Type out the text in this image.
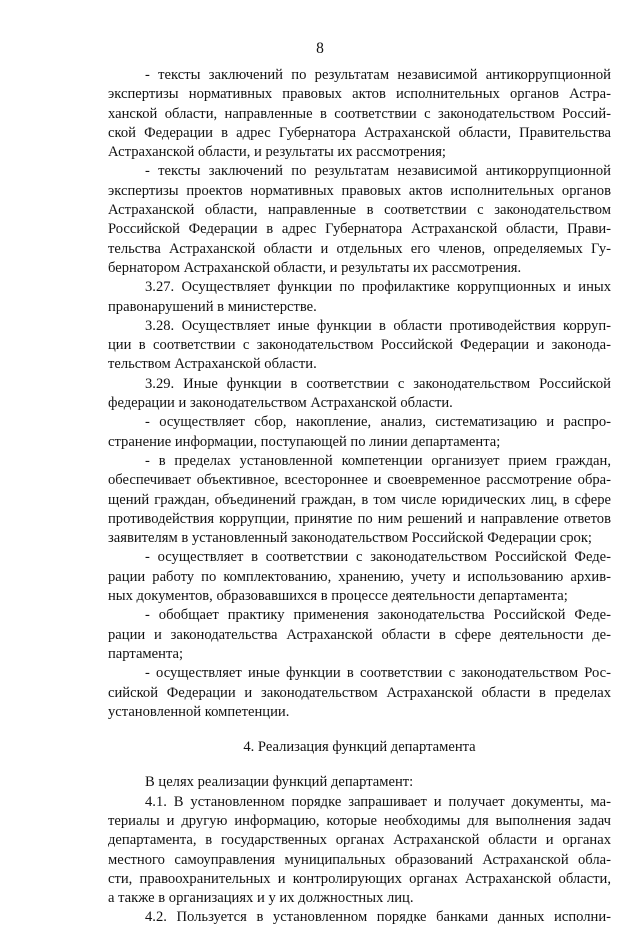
8
- тексты заключений по результатам независимой антикоррупционной
экспертизы нормативных правовых актов исполнительных органов Астра-
ханской области, направленные в соответствии с законодательством Россий-
ской Федерации в адрес Губернатора Астраханской области, Правительства
Астраханской области, и результаты их рассмотрения;
- тексты заключений по результатам независимой антикоррупционной
экспертизы проектов нормативных правовых актов исполнительных органов
Астраханской области, направленные в соответствии с законодательством
Российской Федерации в адрес Губернатора Астраханской области, Прави-
тельства Астраханской области и отдельных его членов, определяемых Гу-
бернатором Астраханской области, и результаты их рассмотрения.
3.27. Осуществляет функции по профилактике коррупционных и иных
правонарушений в министерстве.
3.28. Осуществляет иные функции в области противодействия корруп-
ции в соответствии с законодательством Российской Федерации и законода-
тельством Астраханской области.
3.29. Иные функции в соответствии с законодательством Российской
федерации и законодательством Астраханской области.
- осуществляет сбор, накопление, анализ, систематизацию и распро-
странение информации, поступающей по линии департамента;
- в пределах установленной компетенции организует прием граждан,
обеспечивает объективное, всестороннее и своевременное рассмотрение обра-
щений граждан, объединений граждан, в том числе юридических лиц, в сфере
противодействия коррупции, принятие по ним решений и направление ответов
заявителям в установленный законодательством Российской Федерации срок;
- осуществляет в соответствии с законодательством Российской Феде-
рации работу по комплектованию, хранению, учету и использованию архив-
ных документов, образовавшихся в процессе деятельности департамента;
- обобщает практику применения законодательства Российской Феде-
рации и законодательства Астраханской области в сфере деятельности де-
партамента;
- осуществляет иные функции в соответствии с законодательством Рос-
сийской Федерации и законодательством Астраханской области в пределах
установленной компетенции.
4. Реализация функций департамента
В целях реализации функций департамент:
4.1. В установленном порядке запрашивает и получает документы, ма-
териалы и другую информацию, которые необходимы для выполнения задач
департамента, в государственных органах Астраханской области и органах
местного самоуправления муниципальных образований Астраханской обла-
сти, правоохранительных и контролирующих органах Астраханской области,
а также в организациях и у их должностных лиц.
4.2. Пользуется в установленном порядке банками данных исполни-
